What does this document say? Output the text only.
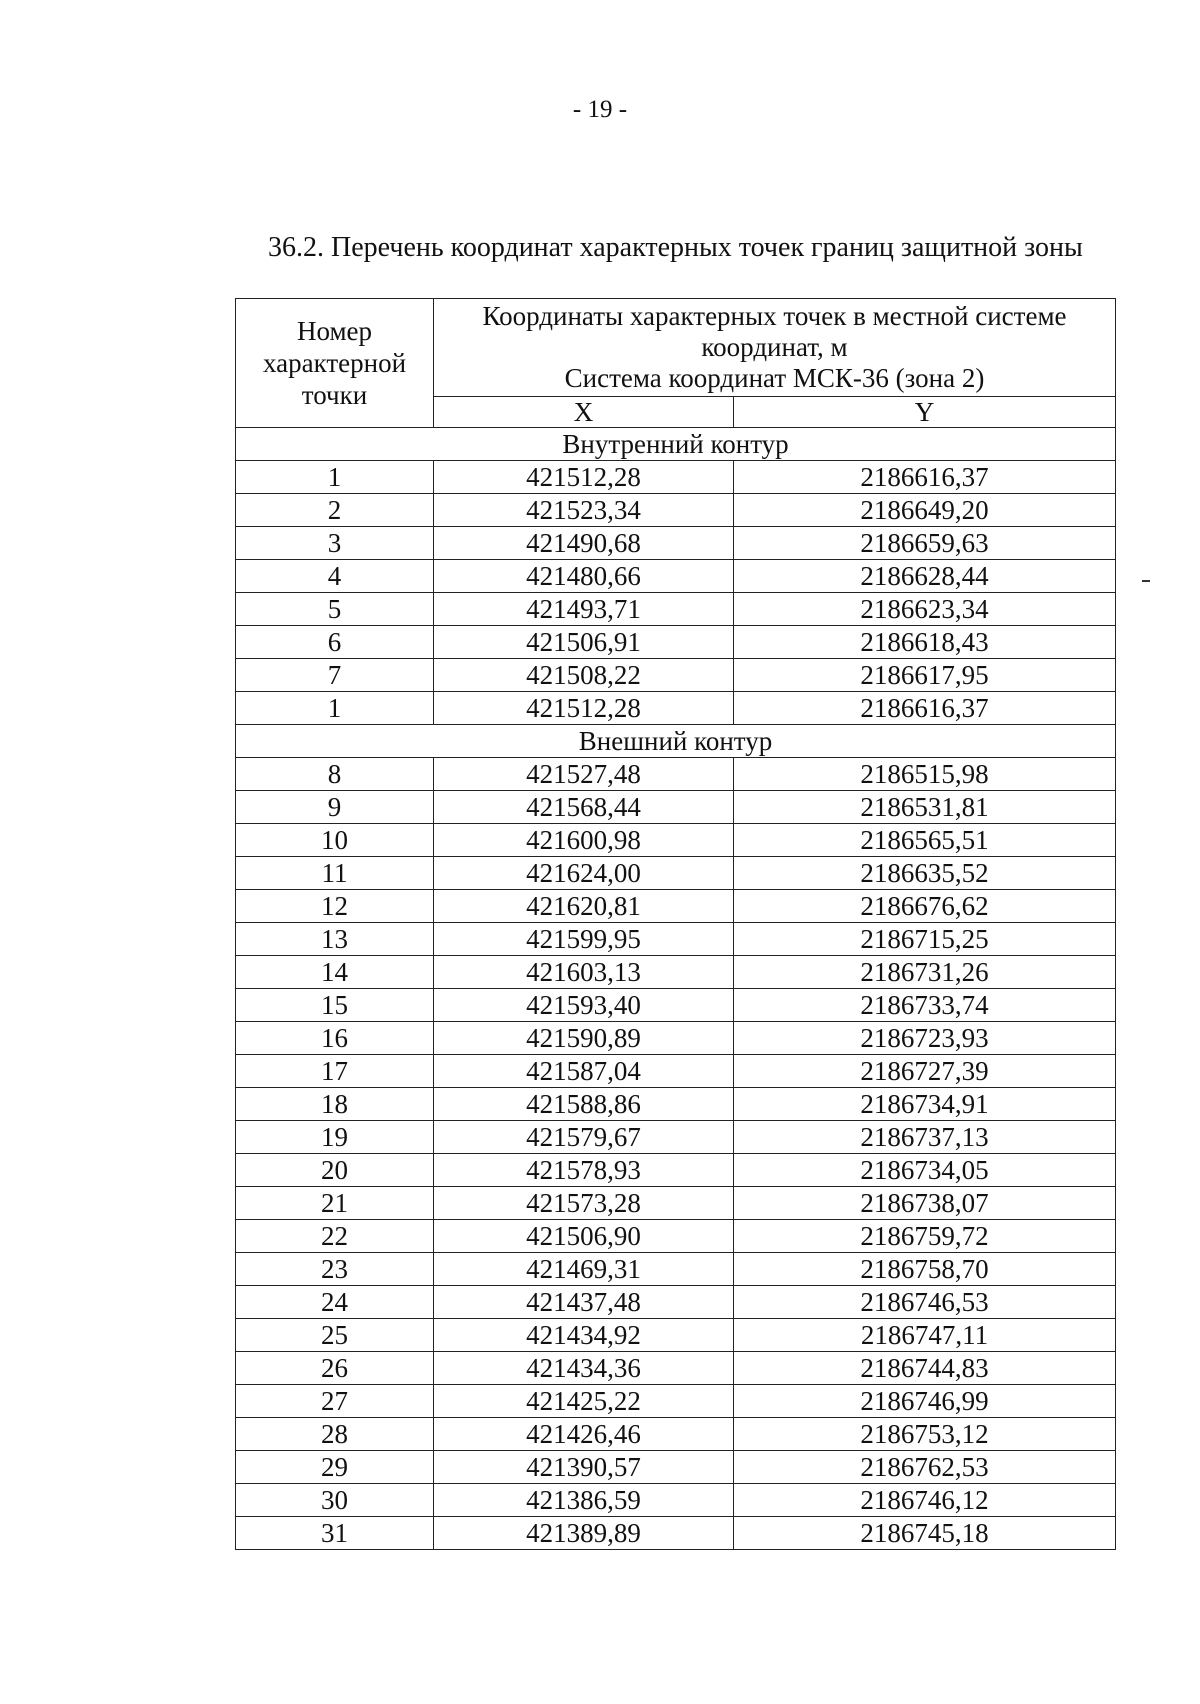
- 19 -
36.2. Перечень координат характерных точек границ защитной зоны
Номер характерной точки	Координаты характерных точек в местной системе координат, м
Система координат МСК-36 (зона 2)	

	X	Y
Внутренний контур		
1	421512,28	2186616,37
2	421523,34	2186649,20
3	421490,68	2186659,63
4	421480,66	2186628,44
5	421493,71	2186623,34
6	421506,91	2186618,43
7	421508,22	2186617,95
1	421512,28	2186616,37
Внешний контур		
8	421527,48	2186515,98
9	421568,44	2186531,81
10	421600,98	2186565,51
11	421624,00	2186635,52
12	421620,81	2186676,62
13	421599,95	2186715,25
14	421603,13	2186731,26
15	421593,40	2186733,74
16	421590,89	2186723,93
17	421587,04	2186727,39
18	421588,86	2186734,91
19	421579,67	2186737,13
20	421578,93	2186734,05
21	421573,28	2186738,07
22	421506,90	2186759,72
23	421469,31	2186758,70
24	421437,48	2186746,53
25	421434,92	2186747,11
26	421434,36	2186744,83
27	421425,22	2186746,99
28	421426,46	2186753,12
29	421390,57	2186762,53
30	421386,59	2186746,12
31	421389,89	2186745,18
